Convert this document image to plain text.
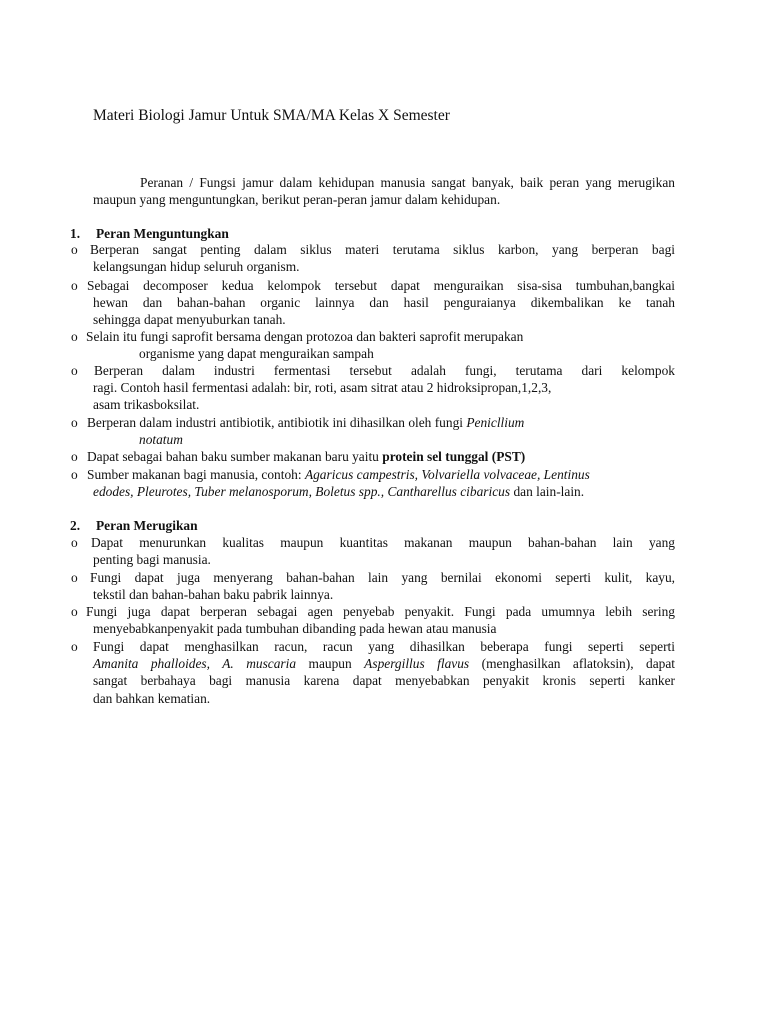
Materi Biologi Jamur Untuk SMA/MA Kelas X Semester
Peranan / Fungsi jamur dalam kehidupan manusia sangat banyak, baik peran yang merugikan maupun yang menguntungkan, berikut peran-peran jamur dalam kehidupan.
1. Peran Menguntungkan
o Berperan sangat penting dalam siklus materi terutama siklus karbon, yang berperan bagi
kelangsungan hidup seluruh organism.
o Sebagai decomposer kedua kelompok tersebut dapat menguraikan sisa-sisa tumbuhan,bangkai
hewan dan bahan-bahan organic lainnya dan hasil penguraianya dikembalikan ke tanah
sehingga dapat menyuburkan tanah.
o Selain itu fungi saprofit bersama dengan protozoa dan bakteri saprofit merupakan
organisme yang dapat menguraikan sampah
o	Berperan dalam industri fermentasi tersebut adalah fungi, terutama dari kelompok
ragi. Contoh hasil fermentasi adalah: bir, roti, asam sitrat atau 2 hidroksipropan,1,2,3,
asam trikasboksilat.
o Berperan dalam industri antibiotik, antibiotik ini dihasilkan oleh fungi Penicllium
notatum
o Dapat sebagai bahan baku sumber makanan baru yaitu protein sel tunggal (PST)
o Sumber makanan bagi manusia, contoh: Agaricus campestris, Volvariella volvaceae, Lentinus
edodes, Pleurotes, Tuber melanosporum, Boletus spp., Cantharellus cibaricus dan lain-lain.
2. Peran Merugikan
o Dapat menurunkan kualitas maupun kuantitas makanan maupun bahan-bahan lain yang
penting bagi manusia.
o Fungi dapat juga menyerang bahan-bahan lain yang bernilai ekonomi seperti kulit, kayu,
tekstil dan bahan-bahan baku pabrik lainnya.
o Fungi juga dapat berperan sebagai agen penyebab penyakit. Fungi pada umumnya lebih sering
menyebabkanpenyakit pada tumbuhan dibanding pada hewan atau manusia
o	Fungi dapat menghasilkan racun, racun yang dihasilkan beberapa fungi seperti seperti
Amanita phalloides, A. muscaria maupun Aspergillus flavus (menghasilkan aflatoksin), dapat
sangat berbahaya bagi manusia karena dapat menyebabkan penyakit kronis seperti kanker
dan bahkan kematian.
